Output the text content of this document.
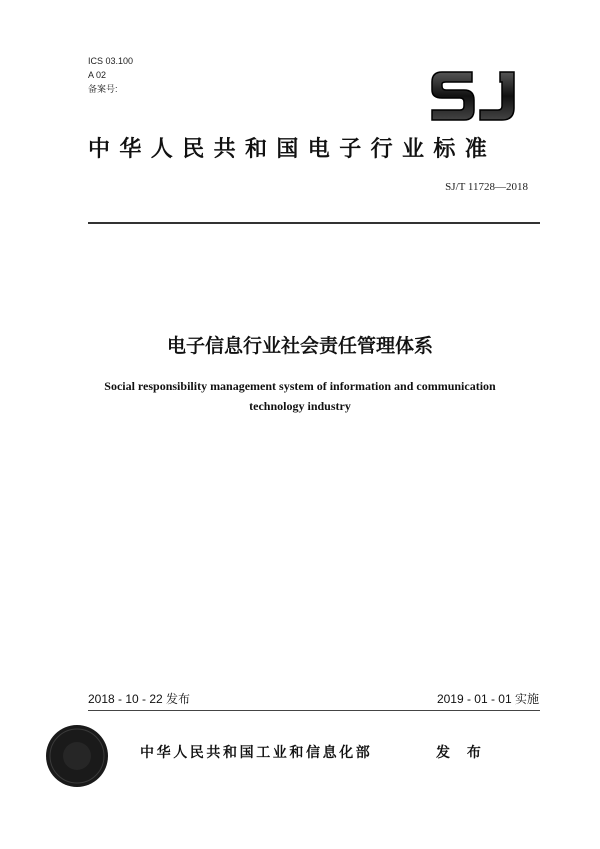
ICS 03.100
A 02
备案号:
中华人民共和国电子行业标准
SJ/T 11728—2018
电子信息行业社会责任管理体系
Social responsibility management system of information and communication
technology industry
2018 - 10 - 22 发布	2019 - 01 - 01 实施
中华人民共和国工业和信息化部	发 布
